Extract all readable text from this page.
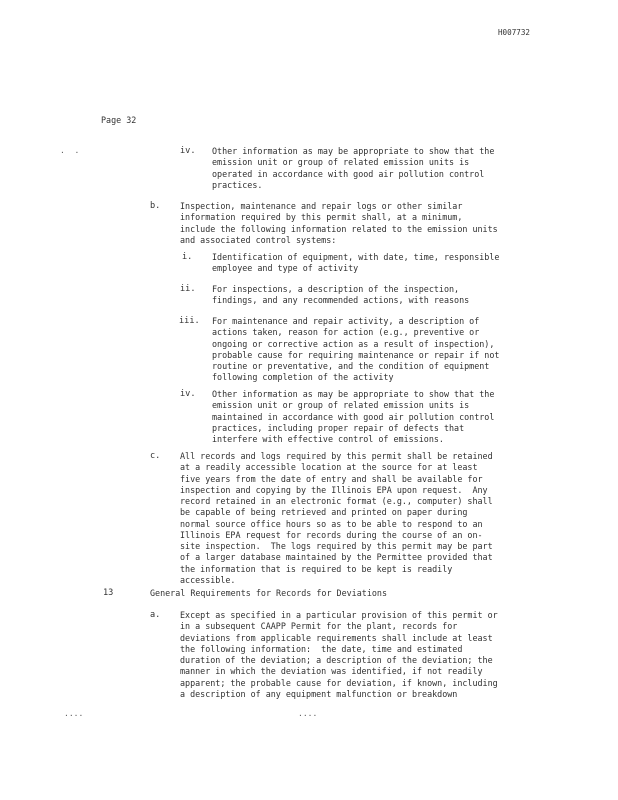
H007732
Page 32
.  .	iv. Other information as may be appropriate to show that the
emission unit or group of related emission units is
operated in accordance with good air pollution control
practices.
b. Inspection, maintenance and repair logs or other similar
information required by this permit shall, at a minimum,
include the following information related to the emission units
and associated control systems:
i. Identification of equipment, with date, time, responsible
employee and type of activity
ii. For inspections, a description of the inspection,
findings, and any recommended actions, with reasons
iii. For maintenance and repair activity, a description of
actions taken, reason for action (e.g., preventive or
ongoing or corrective action as a result of inspection),
probable cause for requiring maintenance or repair if not
routine or preventative, and the condition of equipment
following completion of the activity
iv. Other information as may be appropriate to show that the
emission unit or group of related emission units is
maintained in accordance with good air pollution control
practices, including proper repair of defects that
interfere with effective control of emissions.
c. All records and logs required by this permit shall be retained
at a readily accessible location at the source for at least
five years from the date of entry and shall be available for
inspection and copying by the Illinois EPA upon request.  Any
record retained in an electronic format (e.g., computer) shall
be capable of being retrieved and printed on paper during
normal source office hours so as to be able to respond to an
Illinois EPA request for records during the course of an on-
site inspection.  The logs required by this permit may be part
of a larger database maintained by the Permittee provided that
the information that is required to be kept is readily
accessible.
13	General Requirements for Records for Deviations
a. Except as specified in a particular provision of this permit or
in a subsequent CAAPP Permit for the plant, records for
deviations from applicable requirements shall include at least
the following information:  the date, time and estimated
duration of the deviation; a description of the deviation; the
manner in which the deviation was identified, if not readily
apparent; the probable cause for deviation, if known, including
a description of any equipment malfunction or breakdown
....	....
